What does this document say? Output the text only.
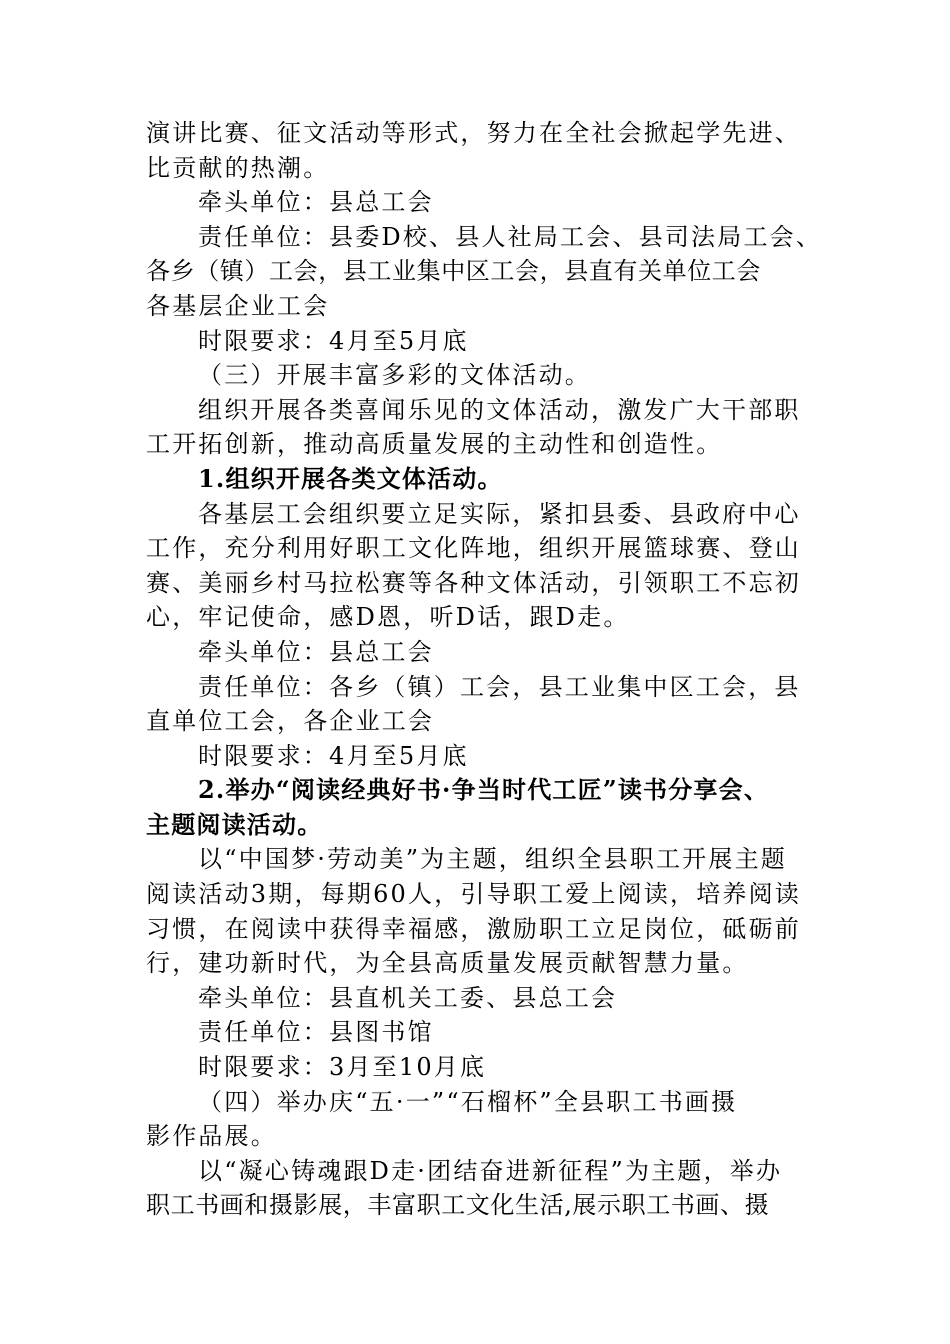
演讲比赛、征文活动等形式，努力在全社会掀起学先进、
比贡献的热潮。
牵头单位：县总工会
责任单位：县委D校、县人社局工会、县司法局工会、
各乡（镇）工会，县工业集中区工会，县直有关单位工会
各基层企业工会
时限要求：4月至5月底
（三）开展丰富多彩的文体活动。
组织开展各类喜闻乐见的文体活动，激发广大干部职
工开拓创新，推动高质量发展的主动性和创造性。
1.组织开展各类文体活动。
各基层工会组织要立足实际，紧扣县委、县政府中心
工作，充分利用好职工文化阵地，组织开展篮球赛、登山
赛、美丽乡村马拉松赛等各种文体活动，引领职工不忘初
心，牢记使命，感D恩，听D话，跟D走。
牵头单位：县总工会
责任单位：各乡（镇）工会，县工业集中区工会，县
直单位工会，各企业工会
时限要求：4月至5月底
2.举办“阅读经典好书·争当时代工匠”读书分享会、
主题阅读活动。
以“中国梦·劳动美”为主题，组织全县职工开展主题
阅读活动3期，每期60人，引导职工爱上阅读，培养阅读
习惯，在阅读中获得幸福感，激励职工立足岗位，砥砺前
行，建功新时代，为全县高质量发展贡献智慧力量。
牵头单位：县直机关工委、县总工会
责任单位：县图书馆
时限要求：3月至10月底
（四）举办庆“五·一”“石榴杯”全县职工书画摄
影作品展。
以“凝心铸魂跟D走·团结奋进新征程”为主题，举办
职工书画和摄影展，丰富职工文化生活,展示职工书画、摄
